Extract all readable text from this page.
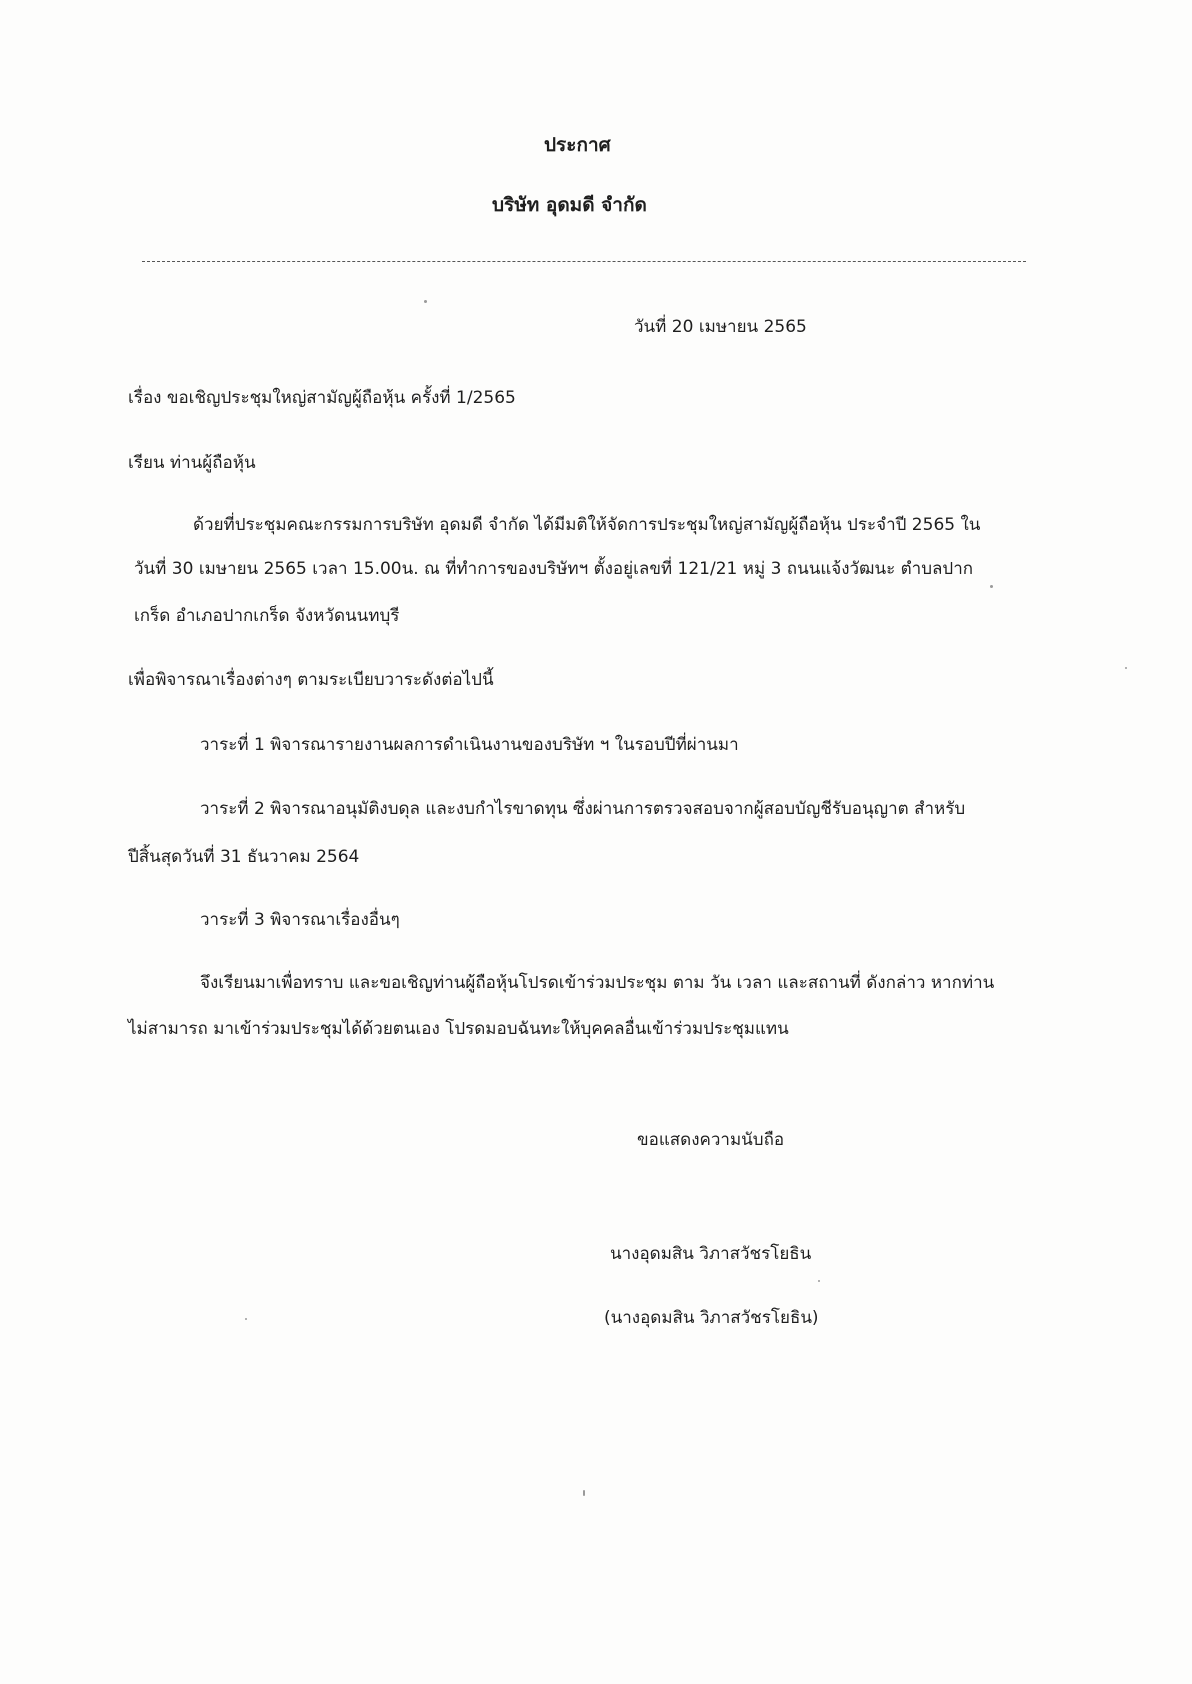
ประกาศ
บริษัท อุดมดี จำกัด
วันที่ 20 เมษายน 2565
เรื่อง ขอเชิญประชุมใหญ่สามัญผู้ถือหุ้น ครั้งที่ 1/2565
เรียน ท่านผู้ถือหุ้น
ด้วยที่ประชุมคณะกรรมการบริษัท อุดมดี จำกัด ได้มีมติให้จัดการประชุมใหญ่สามัญผู้ถือหุ้น ประจำปี 2565 ใน
วันที่ 30 เมษายน 2565 เวลา 15.00น. ณ ที่ทำการของบริษัทฯ ตั้งอยู่เลขที่ 121/21 หมู่ 3 ถนนแจ้งวัฒนะ ตำบลปาก
เกร็ด อำเภอปากเกร็ด จังหวัดนนทบุรี
เพื่อพิจารณาเรื่องต่างๆ ตามระเบียบวาระดังต่อไปนี้
วาระที่ 1 พิจารณารายงานผลการดำเนินงานของบริษัท ฯ ในรอบปีที่ผ่านมา
วาระที่ 2 พิจารณาอนุมัติงบดุล และงบกำไรขาดทุน ซึ่งผ่านการตรวจสอบจากผู้สอบบัญชีรับอนุญาต สำหรับ
ปีสิ้นสุดวันที่ 31 ธันวาคม 2564
วาระที่ 3 พิจารณาเรื่องอื่นๆ
จึงเรียนมาเพื่อทราบ และขอเชิญท่านผู้ถือหุ้นโปรดเข้าร่วมประชุม ตาม วัน เวลา และสถานที่ ดังกล่าว หากท่าน
ไม่สามารถ มาเข้าร่วมประชุมได้ด้วยตนเอง โปรดมอบฉันทะให้บุคคลอื่นเข้าร่วมประชุมแทน
ขอแสดงความนับถือ
นางอุดมสิน วิภาสวัชรโยธิน
(นางอุดมสิน วิภาสวัชรโยธิน)
